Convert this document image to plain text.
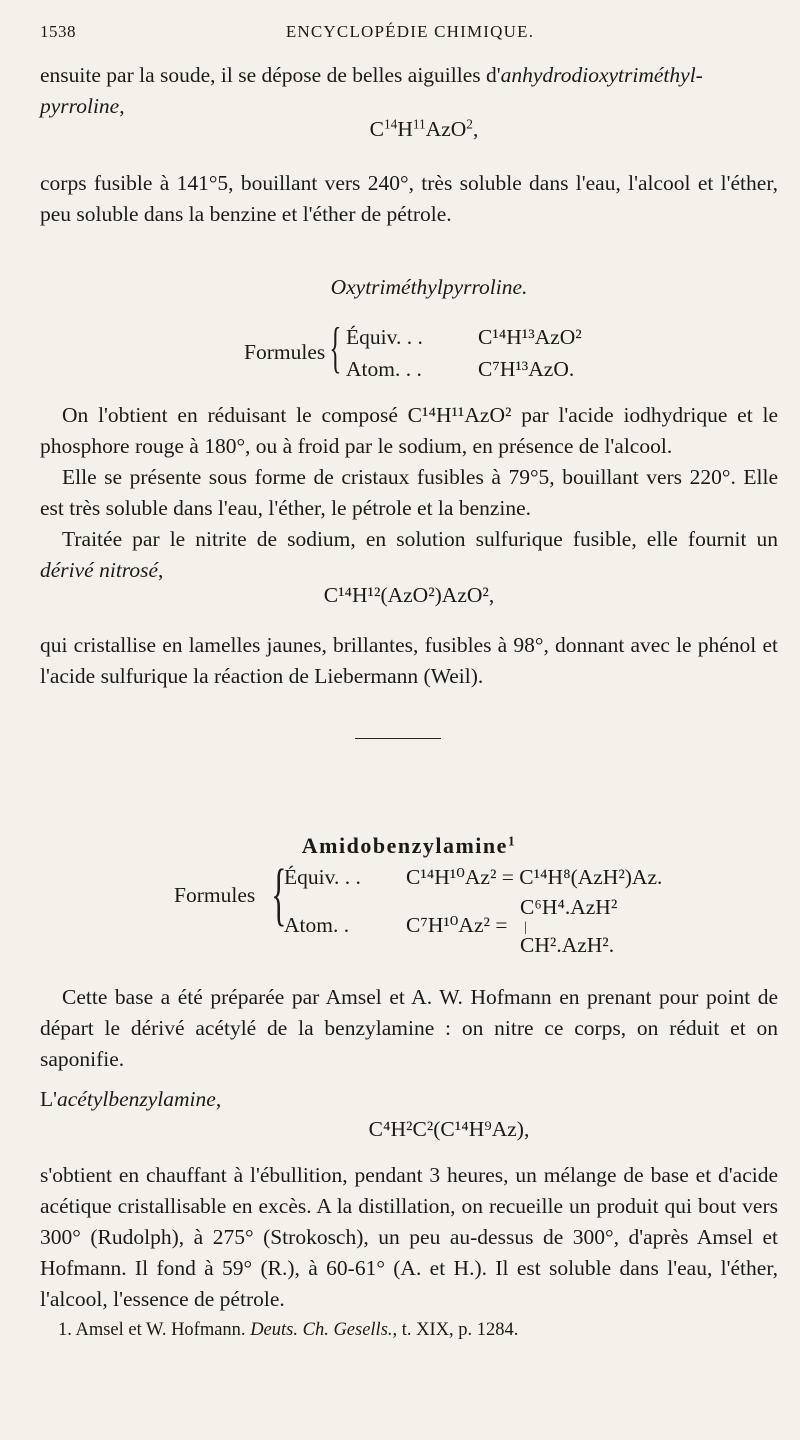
1538	ENCYCLOPÉDIE CHIMIQUE.

ensuite par la soude, il se dépose de belles aiguilles d'anhydrodioxytriméthyl-
pyrroline,

$C^{14}H^{11}AzO^2$,

corps fusible à 141°5, bouillant vers 240°, très soluble dans l'eau, l'alcool et l'éther, peu soluble dans la benzine et l'éther de pétrole.

Oxytriméthylpyrroline.

Formules { Équiv. . .	C¹⁴H¹³AzO²
Atom. . .	C⁷H¹³AzO.

On l'obtient en réduisant le composé C¹⁴H¹¹AzO² par l'acide iodhydrique et le phosphore rouge à 180°, ou à froid par le sodium, en présence de l'alcool.

Elle se présente sous forme de cristaux fusibles à 79°5, bouillant vers 220°. Elle est très soluble dans l'eau, l'éther, le pétrole et la benzine.

Traitée par le nitrite de sodium, en solution sulfurique fusible, elle fournit un dérivé nitrosé,

C¹⁴H¹²(AzO²)AzO²,

qui cristallise en lamelles jaunes, brillantes, fusibles à 98°, donnant avec le phénol et l'acide sulfurique la réaction de Liebermann (Weil).

Amidobenzylamine$^1$

Formules {
Équiv. . . C¹⁴H¹⁰Az² = C¹⁴H⁸(AzH²)Az.
Atom. .	C⁷H¹⁰Az² =
C⁶H⁴.AzH²
|
CH².AzH².

Cette base a été préparée par Amsel et A. W. Hofmann en prenant pour point de départ le dérivé acétylé de la benzylamine : on nitre ce corps, on réduit et on saponifie.

L'acétylbenzylamine,

C⁴H²C²(C¹⁴H⁹Az),

s'obtient en chauffant à l'ébullition, pendant 3 heures, un mélange de base et d'acide acétique cristallisable en excès. A la distillation, on recueille un produit qui bout vers 300° (Rudolph), à 275° (Strokosch), un peu au-dessus de 300°, d'après Amsel et Hofmann. Il fond à 59° (R.), à 60-61° (A. et H.). Il est soluble dans l'eau, l'éther, l'alcool, l'essence de pétrole.

1. Amsel et W. Hofmann. Deuts. Ch. Gesells., t. XIX, p. 1284.
